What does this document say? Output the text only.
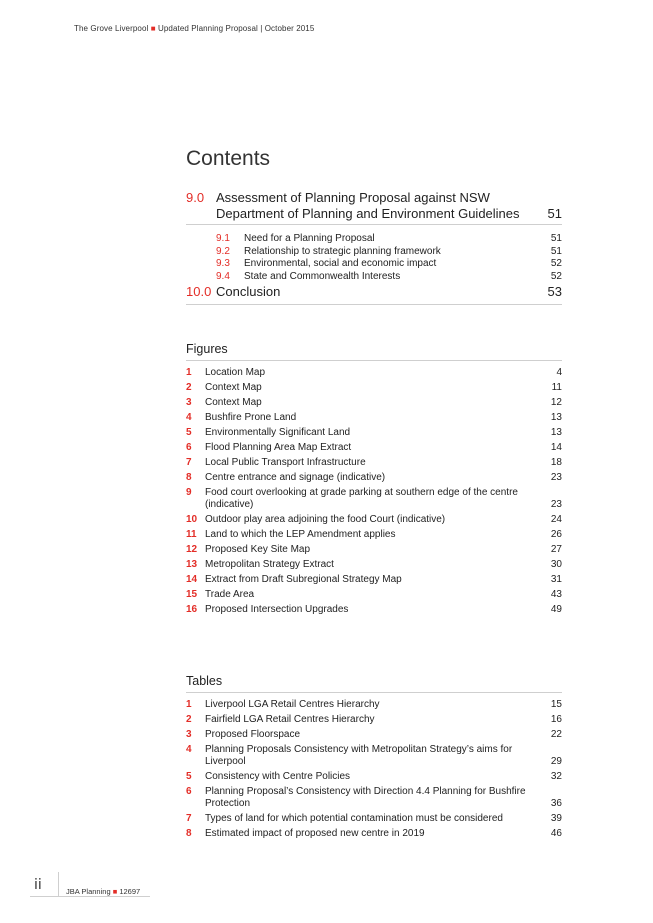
The Grove Liverpool ■ Updated Planning Proposal | October 2015
Contents
9.0 Assessment of Planning Proposal against NSW Department of Planning and Environment Guidelines	51
9.1	Need for a Planning Proposal	51
9.2	Relationship to strategic planning framework	51
9.3	Environmental, social and economic impact	52
9.4	State and Commonwealth Interests	52
10.0 Conclusion	53
Figures
1	Location Map	4
2	Context Map	11
3	Context Map	12
4	Bushfire Prone Land	13
5	Environmentally Significant Land	13
6	Flood Planning Area Map Extract	14
7	Local Public Transport Infrastructure	18
8	Centre entrance and signage (indicative)	23
9	Food court overlooking at grade parking at southern edge of the centre (indicative)	23
10 Outdoor play area adjoining the food Court (indicative)	24
11 Land to which the LEP Amendment applies	26
12 Proposed Key Site Map	27
13 Metropolitan Strategy Extract	30
14 Extract from Draft Subregional Strategy Map	31
15 Trade Area	43
16 Proposed Intersection Upgrades	49
Tables
1	Liverpool LGA Retail Centres Hierarchy	15
2	Fairfield LGA Retail Centres Hierarchy	16
3	Proposed Floorspace	22
4	Planning Proposals Consistency with Metropolitan Strategy’s aims for Liverpool	29
5	Consistency with Centre Policies	32
6	Planning Proposal’s Consistency with Direction 4.4 Planning for Bushfire Protection	36
7	Types of land for which potential contamination must be considered	39
8	Estimated impact of proposed new centre in 2019	46
ii	JBA Planning ■ 12697
